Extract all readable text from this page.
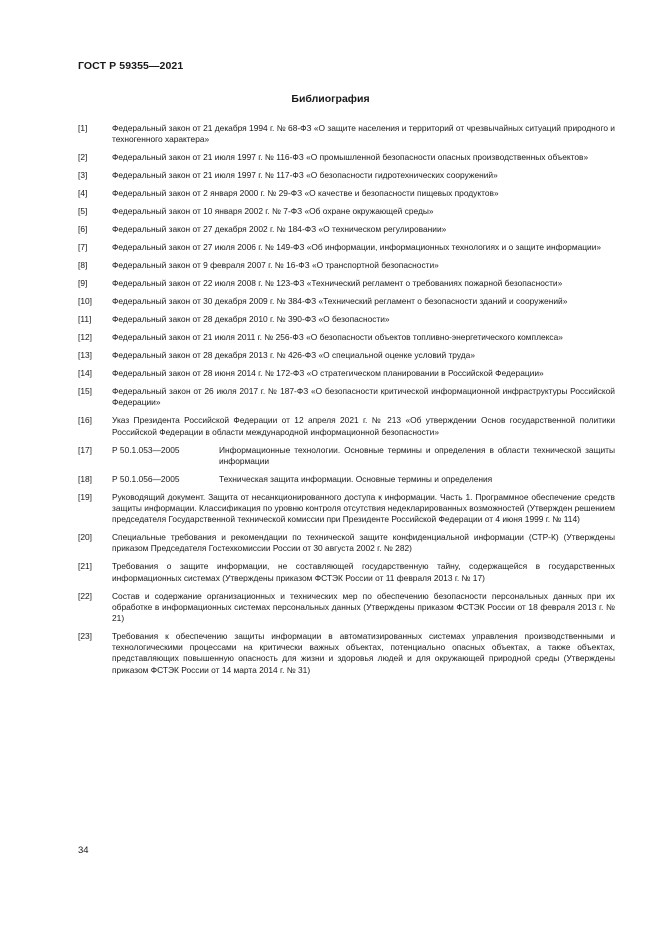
ГОСТ Р 59355—2021
Библиография
[1]	Федеральный закон от 21 декабря 1994 г. № 68-ФЗ «О защите населения и территорий от чрезвычайных ситуаций природного и техногенного характера»
[2]	Федеральный закон от 21 июля 1997 г. № 116-ФЗ «О промышленной безопасности опасных производственных объектов»
[3]	Федеральный закон от 21 июля 1997 г. № 117-ФЗ «О безопасности гидротехнических сооружений»
[4]	Федеральный закон от 2 января 2000 г. № 29-ФЗ «О качестве и безопасности пищевых продуктов»
[5]	Федеральный закон от 10 января 2002 г. № 7-ФЗ «Об охране окружающей среды»
[6]	Федеральный закон от 27 декабря 2002 г. № 184-ФЗ «О техническом регулировании»
[7]	Федеральный закон от 27 июля 2006 г. № 149-ФЗ «Об информации, информационных технологиях и о защите информации»
[8]	Федеральный закон от 9 февраля 2007 г. № 16-ФЗ «О транспортной безопасности»
[9]	Федеральный закон от 22 июля 2008 г. № 123-ФЗ «Технический регламент о требованиях пожарной безопасности»
[10]	Федеральный закон от 30 декабря 2009 г. № 384-ФЗ «Технический регламент о безопасности зданий и сооружений»
[11]	Федеральный закон от 28 декабря 2010 г. № 390-ФЗ «О безопасности»
[12]	Федеральный закон от 21 июля 2011 г. № 256-ФЗ «О безопасности объектов топливно-энергетического комплекса»
[13]	Федеральный закон от 28 декабря 2013 г. № 426-ФЗ «О специальной оценке условий труда»
[14]	Федеральный закон от 28 июня 2014 г. № 172-ФЗ «О стратегическом планировании в Российской Федерации»
[15]	Федеральный закон от 26 июля 2017 г. № 187-ФЗ «О безопасности критической информационной инфраструктуры Российской Федерации»
[16]	Указ Президента Российской Федерации от 12 апреля 2021 г. № 213 «Об утверждении Основ государственной политики Российской Федерации в области международной информационной безопасности»
[17]	Р 50.1.053—2005	Информационные технологии. Основные термины и определения в области технической защиты информации
[18]	Р 50.1.056—2005	Техническая защита информации. Основные термины и определения
[19]	Руководящий документ. Защита от несанкционированного доступа к информации. Часть 1. Программное обеспечение средств защиты информации. Классификация по уровню контроля отсутствия недекларированных возможностей (Утвержден решением председателя Государственной технической комиссии при Президенте Российской Федерации от 4 июня 1999 г. № 114)
[20]	Специальные требования и рекомендации по технической защите конфиденциальной информации (СТР-К) (Утверждены приказом Председателя Гостехкомиссии России от 30 августа 2002 г. № 282)
[21]	Требования о защите информации, не составляющей государственную тайну, содержащейся в государственных информационных системах (Утверждены приказом ФСТЭК России от 11 февраля 2013 г. № 17)
[22]	Состав и содержание организационных и технических мер по обеспечению безопасности персональных данных при их обработке в информационных системах персональных данных (Утверждены приказом ФСТЭК России от 18 февраля 2013 г. № 21)
[23]	Требования к обеспечению защиты информации в автоматизированных системах управления производственными и технологическими процессами на критически важных объектах, потенциально опасных объектах, а также объектах, представляющих повышенную опасность для жизни и здоровья людей и для окружающей природной среды (Утверждены приказом ФСТЭК России от 14 марта 2014 г. № 31)
34
